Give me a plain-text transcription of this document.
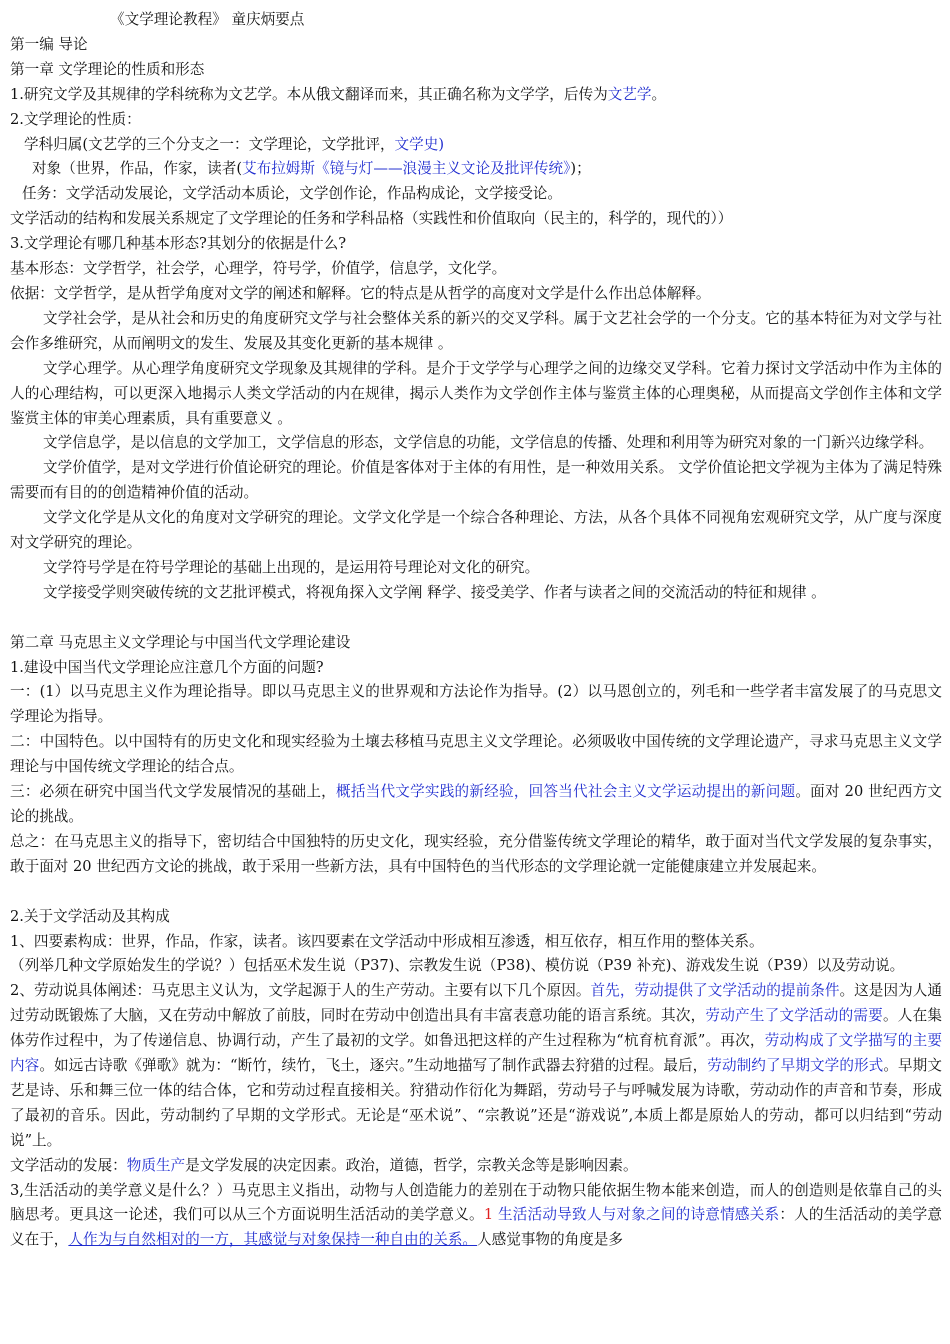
《文学理论教程》 童庆炳要点

第一编 导论

第一章 文学理论的性质和形态

1.研究文学及其规律的学科统称为文艺学。本从俄文翻译而来，其正确名称为文学学，后传为文艺学。

2.文学理论的性质：

学科归属(文艺学的三个分支之一：文学理论，文学批评，文学史)

对象（世界，作品，作家，读者(艾布拉姆斯《镜与灯——浪漫主义文论及批评传统》)；

任务：文学活动发展论，文学活动本质论，文学创作论，作品构成论，文学接受论。

文学活动的结构和发展关系规定了文学理论的任务和学科品格（实践性和价值取向（民主的，科学的，现代的））

3.文学理论有哪几种基本形态?其划分的依据是什么?

基本形态：文学哲学，社会学，心理学，符号学，价值学，信息学，文化学。

依据：文学哲学，是从哲学角度对文学的阐述和解释。它的特点是从哲学的高度对文学是什么作出总体解释。

文学社会学，是从社会和历史的角度研究文学与社会整体关系的新兴的交叉学科。属于文艺社会学的一个分支。它的基本特征为对文学与社会作多维研究，从而阐明文的发生、发展及其变化更新的基本规律 。

文学心理学。从心理学角度研究文学现象及其规律的学科。是介于文学学与心理学之间的边缘交叉学科。它着力探讨文学活动中作为主体的人的心理结构，可以更深入地揭示人类文学活动的内在规律，揭示人类作为文学创作主体与鉴赏主体的心理奥秘，从而提高文学创作主体和文学鉴赏主体的审美心理素质，具有重要意义 。

文学信息学，是以信息的文学加工，文学信息的形态，文学信息的功能，文学信息的传播、处理和利用等为研究对象的一门新兴边缘学科。

文学价值学，是对文学进行价值论研究的理论。价值是客体对于主体的有用性，是一种效用关系。 文学价值论把文学视为主体为了满足特殊需要而有目的的创造精神价值的活动。

文学文化学是从文化的角度对文学研究的理论。文学文化学是一个综合各种理论、方法，从各个具体不同视角宏观研究文学，从广度与深度对文学研究的理论。

文学符号学是在符号学理论的基础上出现的，是运用符号理论对文化的研究。

文学接受学则突破传统的文艺批评模式，将视角探入文学阐 释学、接受美学、作者与读者之间的交流活动的特征和规律 。

第二章 马克思主义文学理论与中国当代文学理论建设

1.建设中国当代文学理论应注意几个方面的问题?

一：(1）以马克思主义作为理论指导。即以马克思主义的世界观和方法论作为指导。(2）以马恩创立的，列毛和一些学者丰富发展了的马克思文学理论为指导。

二：中国特色。以中国特有的历史文化和现实经验为土壤去移植马克思主义文学理论。必须吸收中国传统的文学理论遗产，寻求马克思主义文学理论与中国传统文学理论的结合点。

三：必须在研究中国当代文学发展情况的基础上，概括当代文学实践的新经验，回答当代社会主义文学运动提出的新问题。面对 20 世纪西方文论的挑战。

总之：在马克思主义的指导下，密切结合中国独特的历史文化，现实经验，充分借鉴传统文学理论的精华，敢于面对当代文学发展的复杂事实，敢于面对 20 世纪西方文论的挑战，敢于采用一些新方法，具有中国特色的当代形态的文学理论就一定能健康建立并发展起来。

2.关于文学活动及其构成

1、四要素构成：世界，作品，作家，读者。该四要素在文学活动中形成相互渗透，相互依存，相互作用的整体关系。

（列举几种文学原始发生的学说？）包括巫术发生说（P37)、宗教发生说（P38)、模仿说（P39 补充)、游戏发生说（P39）以及劳动说。

2、劳动说具体阐述：马克思主义认为，文学起源于人的生产劳动。主要有以下几个原因。首先，劳动提供了文学活动的提前条件。这是因为人通过劳动既锻炼了大脑，又在劳动中解放了前肢，同时在劳动中创造出具有丰富表意功能的语言系统。其次，劳动产生了文学活动的需要。人在集体劳作过程中，为了传递信息、协调行动，产生了最初的文学。如鲁迅把这样的产生过程称为“杭育杭育派”。再次，劳动构成了文学描写的主要内容。如远古诗歌《弹歌》就为：“断竹，续竹，飞土，逐宍。”生动地描写了制作武器去狩猎的过程。最后，劳动制约了早期文学的形式。早期文艺是诗、乐和舞三位一体的结合体，它和劳动过程直接相关。狩猎动作衍化为舞蹈，劳动号子与呼喊发展为诗歌，劳动动作的声音和节奏，形成了最初的音乐。因此，劳动制约了早期的文学形式。无论是“巫术说”、“宗教说”还是“游戏说”,本质上都是原始人的劳动，都可以归结到“劳动说”上。

文学活动的发展：物质生产是文学发展的决定因素。政治，道德，哲学，宗教关念等是影响因素。

3,生活活动的美学意义是什么？）马克思主义指出，动物与人创造能力的差别在于动物只能依据生物本能来创造，而人的创造则是依靠自己的头脑思考。更具这一论述，我们可以从三个方面说明生活活动的美学意义。1 生活活动导致人与对象之间的诗意情感关系：人的生活活动的美学意义在于，人作为与自然相对的一方，其感觉与对象保持一种自由的关系。人感觉事物的角度是多
